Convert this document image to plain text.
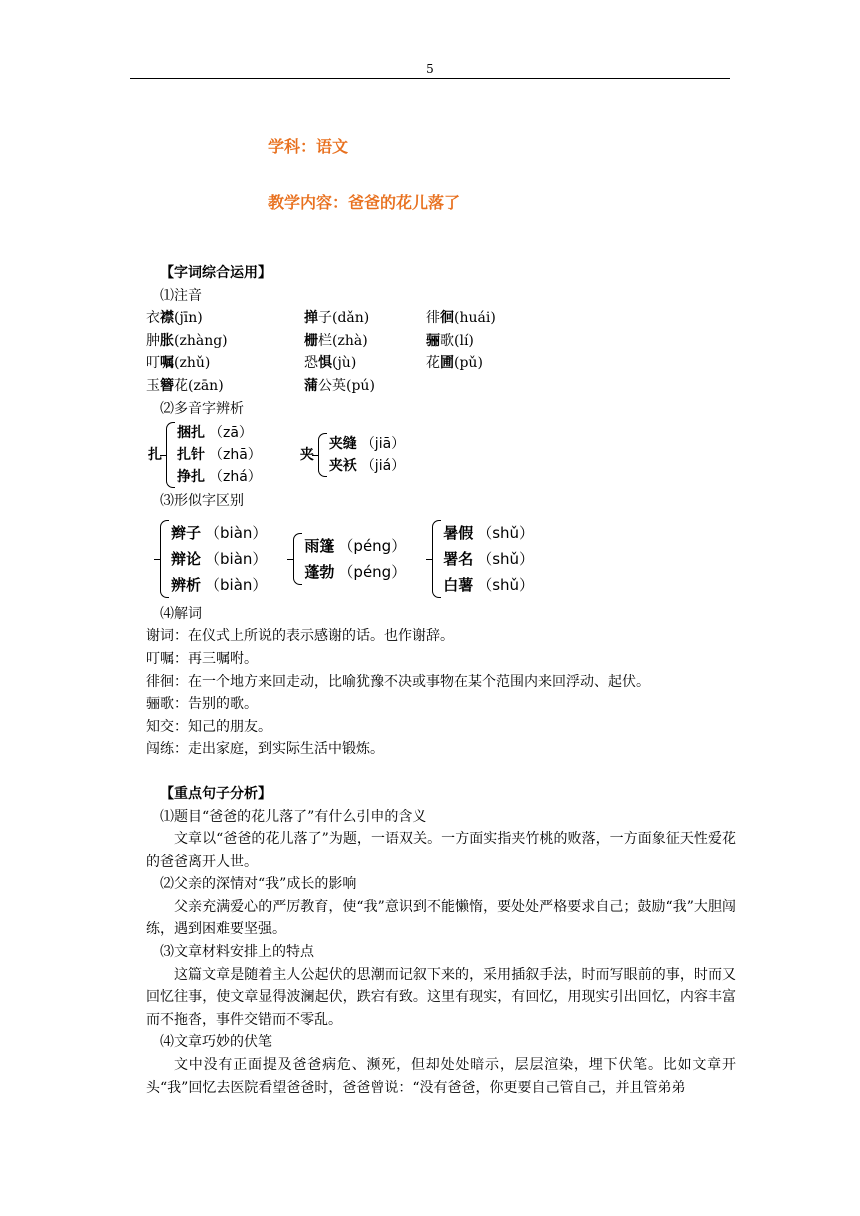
5
学科：语文
教学内容：爸爸的花儿落了
【字词综合运用】
⑴注音
衣襟(jīn)	掸子(dǎn)	徘徊(huái)
肿胀(zhàng)	栅栏(zhà)	骊歌(lí)
叮嘱(zhǔ)	恐惧(jù)	花圃(pǔ)
玉簪花(zān)	蒲公英(pú)
⑵多音字辨析
扎
捆扎 （zā）
扎针 （zhā）
挣扎 （zhá）
夹
夹缝 （jiā）
夹袄 （jiá）
⑶形似字区别
辫子 （biàn）
辩论 （biàn）
辨析 （biàn）
雨篷 （péng）
蓬勃 （péng）
暑假 （shǔ）
署名 （shǔ）
白薯 （shǔ）
⑷解词
谢词：在仪式上所说的表示感谢的话。也作谢辞。
叮嘱：再三嘱咐。
徘徊：在一个地方来回走动，比喻犹豫不决或事物在某个范围内来回浮动、起伏。
骊歌：告别的歌。
知交：知己的朋友。
闯练：走出家庭，到实际生活中锻炼。
【重点句子分析】
⑴题目“爸爸的花儿落了”有什么引申的含义
文章以“爸爸的花儿落了”为题，一语双关。一方面实指夹竹桃的败落，一方面象征天性爱花的爸爸离开人世。
⑵父亲的深情对“我”成长的影响
父亲充满爱心的严厉教育，使“我”意识到不能懒惰，要处处严格要求自己；鼓励“我”大胆闯练，遇到困难要坚强。
⑶文章材料安排上的特点
这篇文章是随着主人公起伏的思潮而记叙下来的，采用插叙手法，时而写眼前的事，时而又回忆往事，使文章显得波澜起伏，跌宕有致。这里有现实，有回忆，用现实引出回忆，内容丰富而不拖沓，事件交错而不零乱。
⑷文章巧妙的伏笔
文中没有正面提及爸爸病危、濒死，但却处处暗示，层层渲染，埋下伏笔。比如文章开头“我”回忆去医院看望爸爸时，爸爸曾说：“没有爸爸，你更要自己管自己，并且管弟弟
